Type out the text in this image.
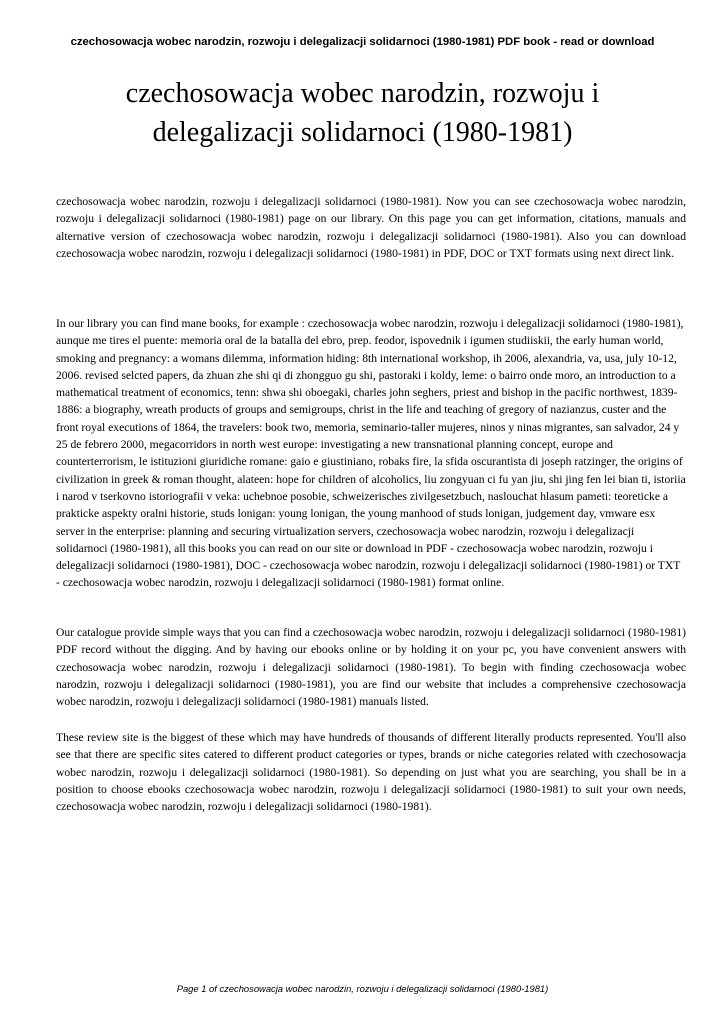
czechosowacja wobec narodzin, rozwoju i delegalizacji solidarnoci (1980-1981) PDF book - read or download
czechosowacja wobec narodzin, rozwoju i delegalizacji solidarnoci (1980-1981)

czechosowacja wobec narodzin, rozwoju i delegalizacji solidarnoci (1980-1981). Now you can see czechosowacja wobec narodzin, rozwoju i delegalizacji solidarnoci (1980-1981) page on our library. On this page you can get information, citations, manuals and alternative version of czechosowacja wobec narodzin, rozwoju i delegalizacji solidarnoci (1980-1981). Also you can download czechosowacja wobec narodzin, rozwoju i delegalizacji solidarnoci (1980-1981) in PDF, DOC or TXT formats using next direct link.

In our library you can find mane books, for example : czechosowacja wobec narodzin, rozwoju i delegalizacji solidarnoci (1980-1981), aunque me tires el puente: memoria oral de la batalla del ebro, prep. feodor, ispovednik i igumen studiiskii, the early human world, smoking and pregnancy: a womans dilemma, information hiding: 8th international workshop, ih 2006, alexandria, va, usa, july 10-12, 2006. revised selcted papers, da zhuan zhe shi qi di zhongguo gu shi, pastoraki i koldy, leme: o bairro onde moro, an introduction to a mathematical treatment of economics, tenn: shwa shi oboegaki, charles john seghers, priest and bishop in the pacific northwest, 1839-1886: a biography, wreath products of groups and semigroups, christ in the life and teaching of gregory of nazianzus, custer and the front royal executions of 1864, the travelers: book two, memoria, seminario-taller mujeres, ninos y ninas migrantes, san salvador, 24 y 25 de febrero 2000, megacorridors in north west europe: investigating a new transnational planning concept, europe and counterterrorism, le istituzioni giuridiche romane: gaio e giustiniano, robaks fire, la sfida oscurantista di joseph ratzinger, the origins of civilization in greek & roman thought, alateen: hope for children of alcoholics, liu zongyuan ci fu yan jiu, shi jing fen lei bian ti, istoriia i narod v tserkovno istoriografii v veka: uchebnoe posobie, schweizerisches zivilgesetzbuch, naslouchat hlasum pameti: teoreticke a prakticke aspekty oralni historie, studs lonigan: young lonigan, the young manhood of studs lonigan, judgement day, vmware esx server in the enterprise: planning and securing virtualization servers, czechosowacja wobec narodzin, rozwoju i delegalizacji solidarnoci (1980-1981), all this books you can read on our site or download in PDF - czechosowacja wobec narodzin, rozwoju i delegalizacji solidarnoci (1980-1981), DOC - czechosowacja wobec narodzin, rozwoju i delegalizacji solidarnoci (1980-1981) or TXT - czechosowacja wobec narodzin, rozwoju i delegalizacji solidarnoci (1980-1981) format online.

Our catalogue provide simple ways that you can find a czechosowacja wobec narodzin, rozwoju i delegalizacji solidarnoci (1980-1981) PDF record without the digging. And by having our ebooks online or by holding it on your pc, you have convenient answers with czechosowacja wobec narodzin, rozwoju i delegalizacji solidarnoci (1980-1981). To begin with finding czechosowacja wobec narodzin, rozwoju i delegalizacji solidarnoci (1980-1981), you are find our website that includes a comprehensive czechosowacja wobec narodzin, rozwoju i delegalizacji solidarnoci (1980-1981) manuals listed.

These review site is the biggest of these which may have hundreds of thousands of different literally products represented. You'll also see that there are specific sites catered to different product categories or types, brands or niche categories related with czechosowacja wobec narodzin, rozwoju i delegalizacji solidarnoci (1980-1981). So depending on just what you are searching, you shall be in a position to choose ebooks czechosowacja wobec narodzin, rozwoju i delegalizacji solidarnoci (1980-1981) to suit your own needs, czechosowacja wobec narodzin, rozwoju i delegalizacji solidarnoci (1980-1981).

Page 1 of czechosowacja wobec narodzin, rozwoju i delegalizacji solidarnoci (1980-1981)
